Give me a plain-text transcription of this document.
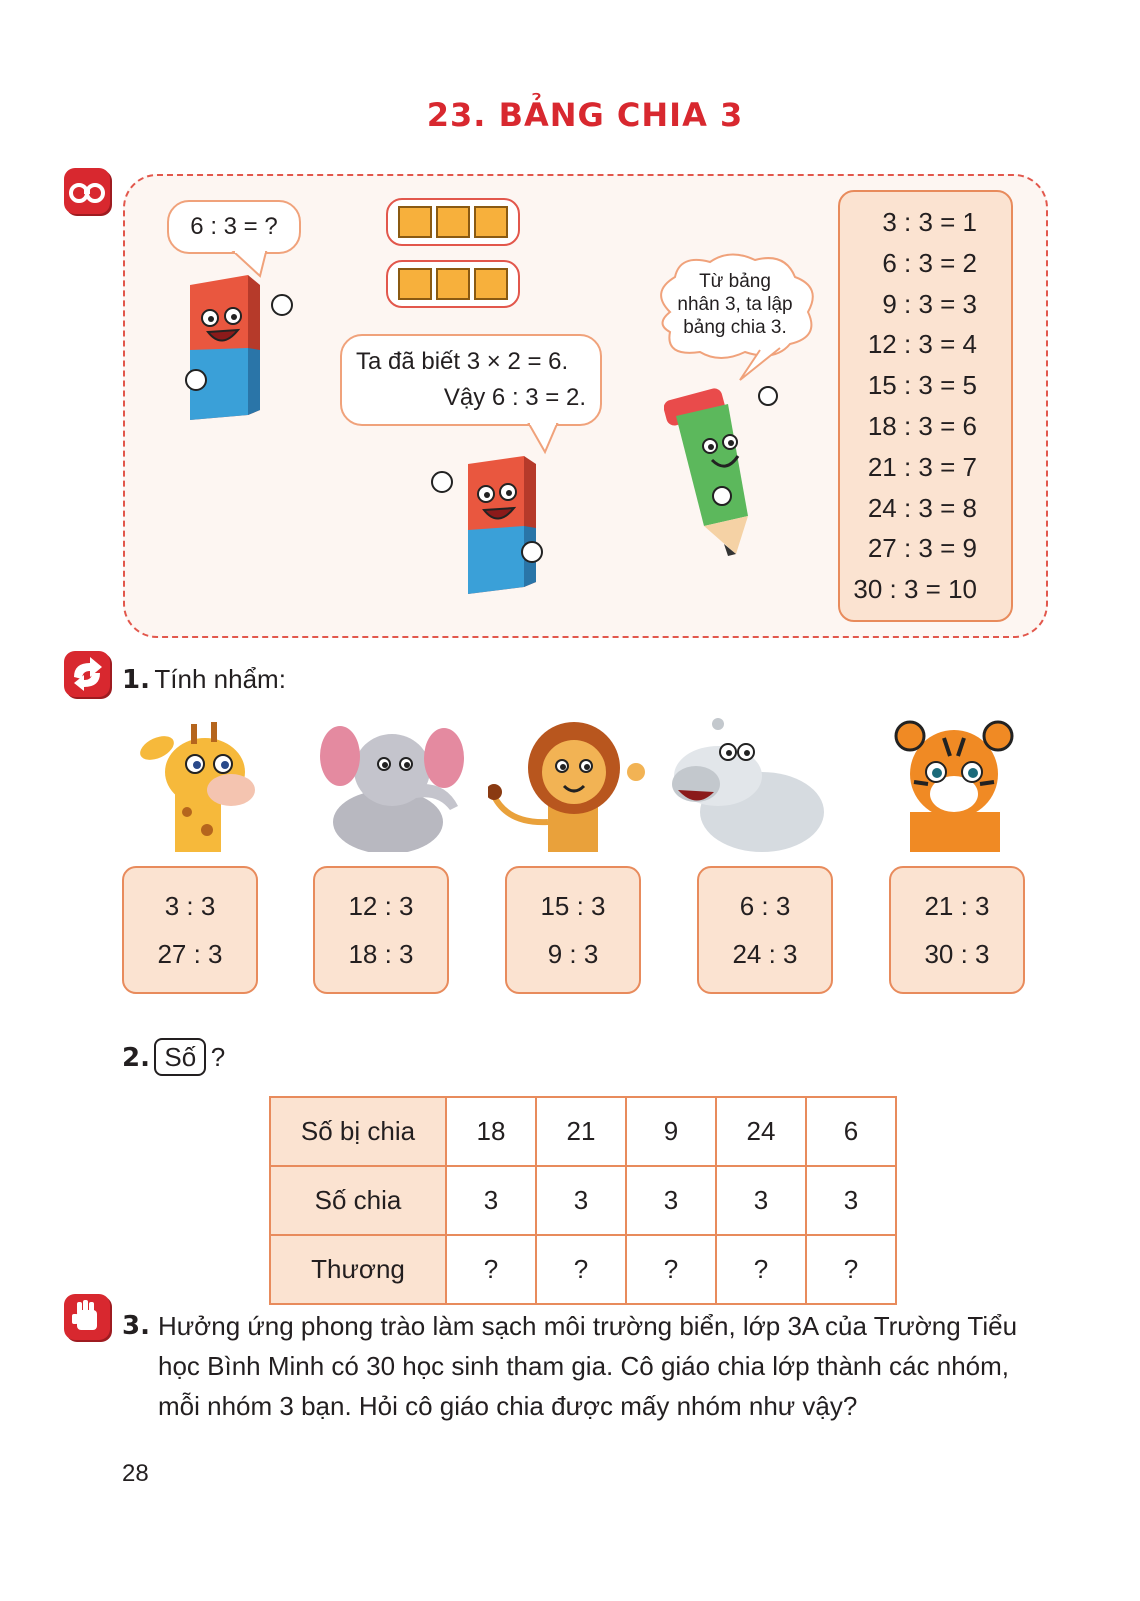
23. BẢNG CHIA 3
6 : 3 = ?
Ta đã biết 3 × 2 = 6.
Vậy 6 : 3 = 2.
Từ bảng
nhân 3, ta lập
bảng chia 3.
3 : 3 = 1
6 : 3 = 2
9 : 3 = 3
12 : 3 = 4
15 : 3 = 5
18 : 3 = 6
21 : 3 = 7
24 : 3 = 8
27 : 3 = 9
30 : 3 = 10
1. Tính nhẩm:
3 : 3
27 : 3
12 : 3
18 : 3
15 : 3
9 : 3
6 : 3
24 : 3
21 : 3
30 : 3
2. Số ?
Số bị chia	18	21	9	24	6
Số chia	3	3	3	3	3
Thương	?	?	?	?	?
3. Hưởng ứng phong trào làm sạch môi trường biển, lớp 3A của Trường Tiểu học Bình Minh có 30 học sinh tham gia. Cô giáo chia lớp thành các nhóm, mỗi nhóm 3 bạn. Hỏi cô giáo chia được mấy nhóm như vậy?
28
